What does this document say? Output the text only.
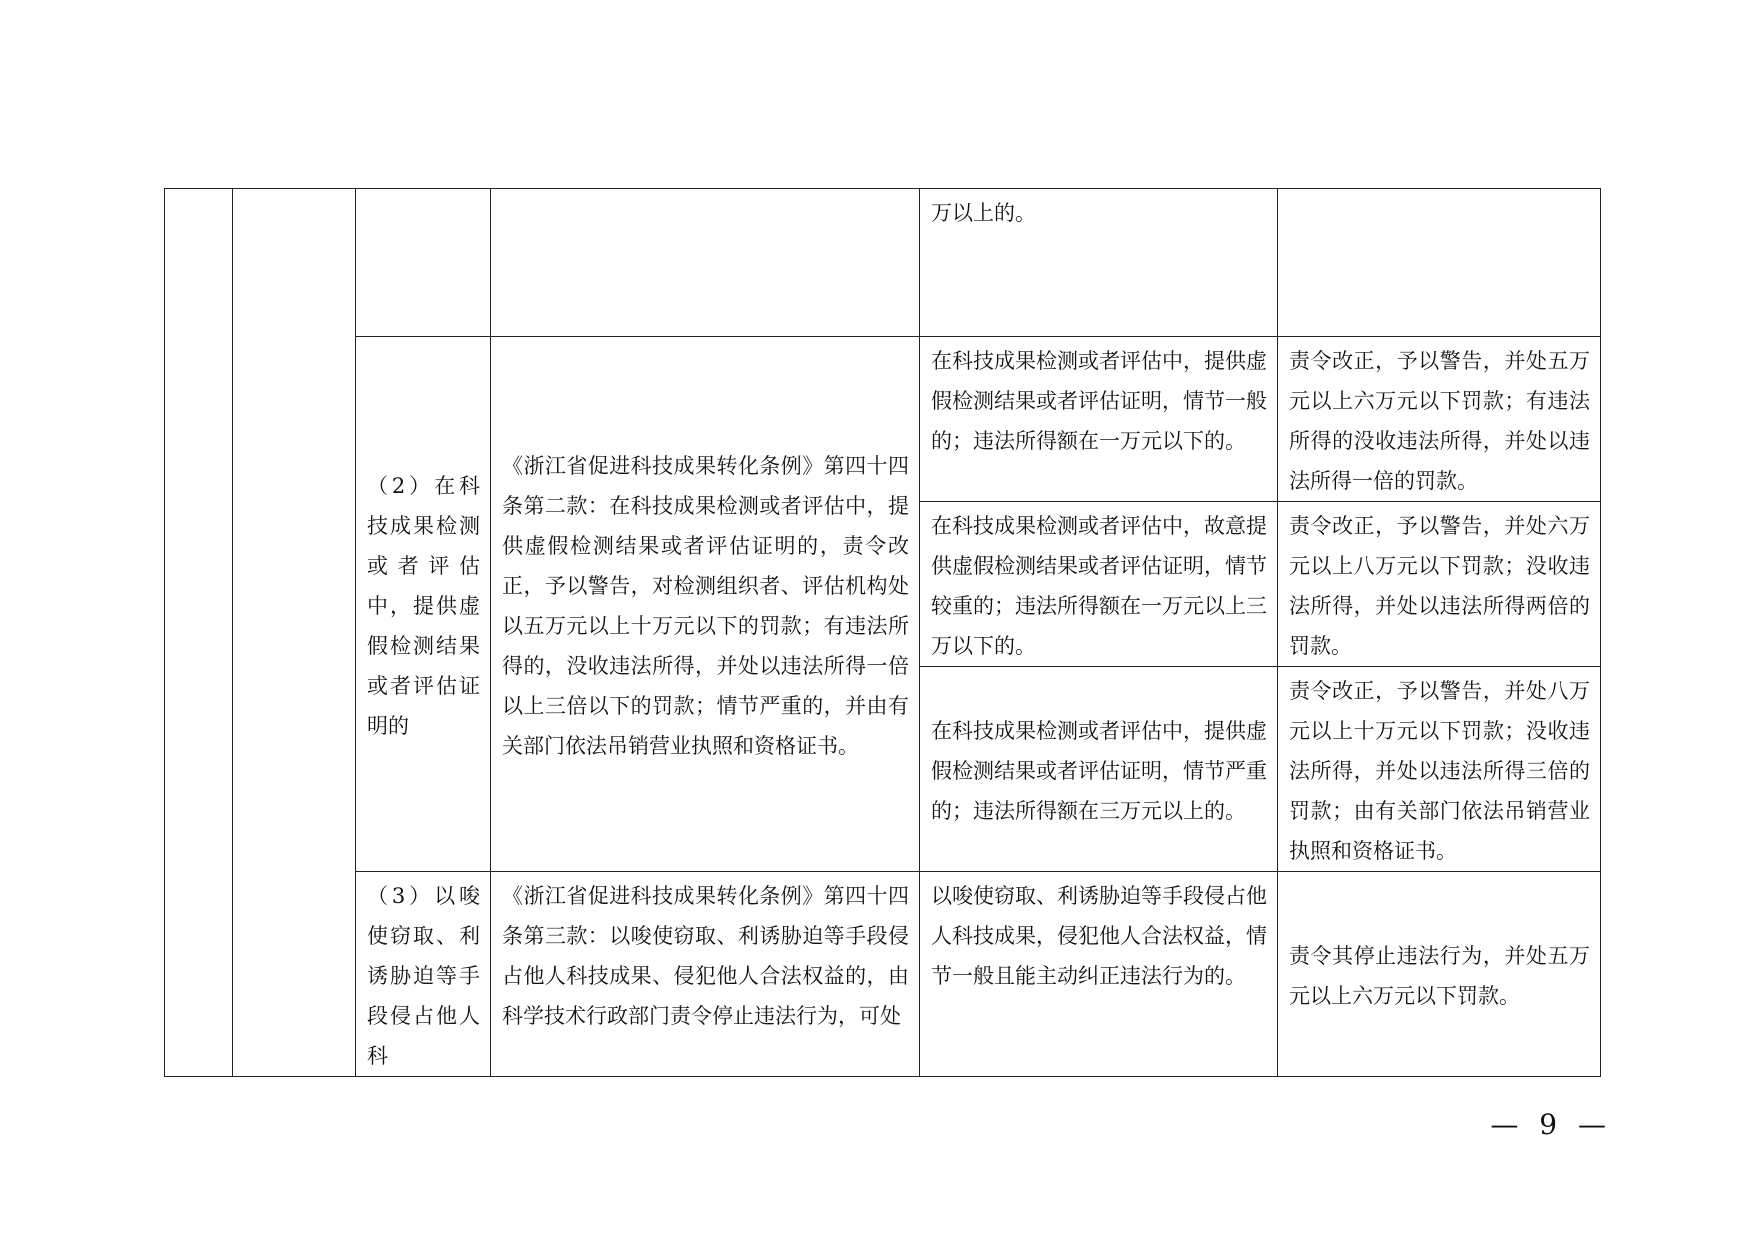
				万以上的。	

		（2）在科技成果检测或者评估中，提供虚假检测结果或者评估证明的	《浙江省促进科技成果转化条例》第四十四条第二款：在科技成果检测或者评估中，提供虚假检测结果或者评估证明的，责令改正，予以警告，对检测组织者、评估机构处以五万元以上十万元以下的罚款；有违法所得的，没收违法所得，并处以违法所得一倍以上三倍以下的罚款；情节严重的，并由有关部门依法吊销营业执照和资格证书。	在科技成果检测或者评估中，提供虚假检测结果或者评估证明，情节一般的；违法所得额在一万元以下的。	责令改正，予以警告，并处五万元以上六万元以下罚款；有违法所得的没收违法所得，并处以违法所得一倍的罚款。

				在科技成果检测或者评估中，故意提供虚假检测结果或者评估证明，情节较重的；违法所得额在一万元以上三万以下的。	责令改正，予以警告，并处六万元以上八万元以下罚款；没收违法所得，并处以违法所得两倍的罚款。

				在科技成果检测或者评估中，提供虚假检测结果或者评估证明，情节严重的；违法所得额在三万元以上的。	责令改正，予以警告，并处八万元以上十万元以下罚款；没收违法所得，并处以违法所得三倍的罚款；由有关部门依法吊销营业执照和资格证书。

		（3）以唆使窃取、利诱胁迫等手段侵占他人科	《浙江省促进科技成果转化条例》第四十四条第三款：以唆使窃取、利诱胁迫等手段侵占他人科技成果、侵犯他人合法权益的，由科学技术行政部门责令停止违法行为，可处	以唆使窃取、利诱胁迫等手段侵占他人科技成果，侵犯他人合法权益，情节一般且能主动纠正违法行为的。	责令其停止违法行为，并处五万元以上六万元以下罚款。
— 9 —
